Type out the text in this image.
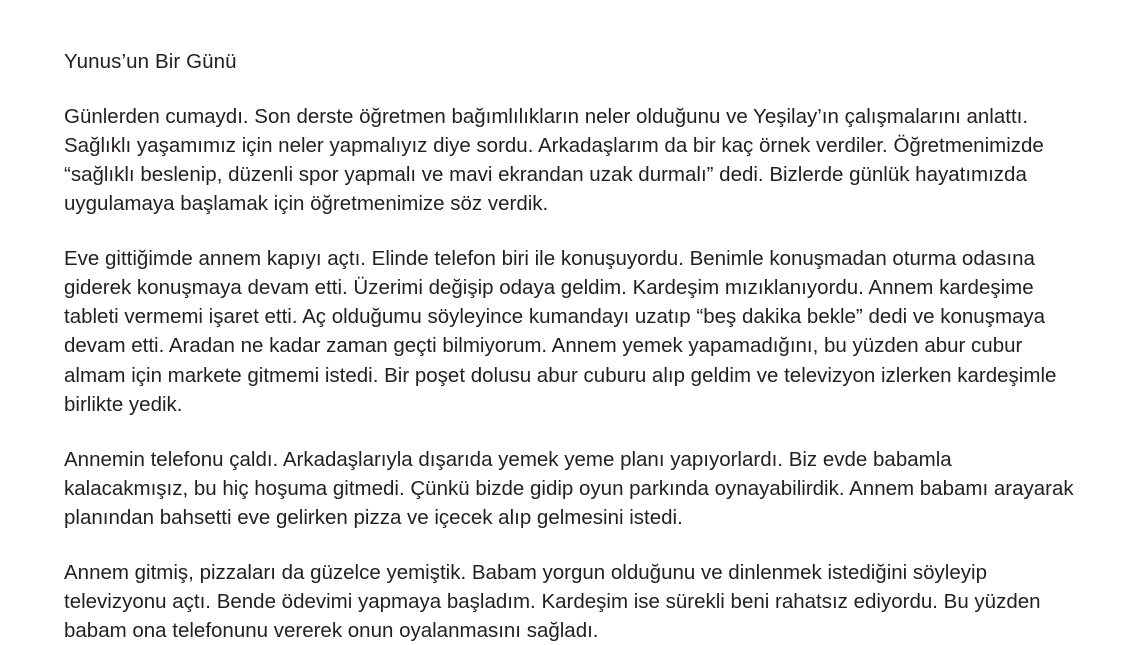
Yunus’un Bir Günü

Günlerden cumaydı. Son derste öğretmen bağımlılıkların neler olduğunu ve Yeşilay’ın çalışmalarını anlattı. Sağlıklı yaşamımız için neler yapmalıyız diye sordu. Arkadaşlarım da bir kaç örnek verdiler. Öğretmenimizde “sağlıklı beslenip, düzenli spor yapmalı ve mavi ekrandan uzak durmalı” dedi. Bizlerde günlük hayatımızda uygulamaya başlamak için öğretmenimize söz verdik.

Eve gittiğimde annem kapıyı açtı. Elinde telefon biri ile konuşuyordu. Benimle konuşmadan oturma odasına giderek konuşmaya devam etti. Üzerimi değişip odaya geldim. Kardeşim mızıklanıyordu. Annem kardeşime tableti vermemi işaret etti. Aç olduğumu söyleyince kumandayı uzatıp “beş dakika bekle” dedi ve konuşmaya devam etti. Aradan ne kadar zaman geçti bilmiyorum. Annem yemek yapamadığını, bu yüzden abur cubur almam için markete gitmemi istedi. Bir poşet dolusu abur cuburu alıp geldim ve televizyon izlerken kardeşimle birlikte yedik.

Annemin telefonu çaldı. Arkadaşlarıyla dışarıda yemek yeme planı yapıyorlardı. Biz evde babamla kalacakmışız, bu hiç hoşuma gitmedi. Çünkü bizde gidip oyun parkında oynayabilirdik. Annem babamı arayarak planından bahsetti eve gelirken pizza ve içecek alıp gelmesini istedi.

Annem gitmiş, pizzaları da güzelce yemiştik. Babam yorgun olduğunu ve dinlenmek istediğini söyleyip televizyonu açtı. Bende ödevimi yapmaya başladım. Kardeşim ise sürekli beni rahatsız ediyordu. Bu yüzden babam ona telefonunu vererek onun oyalanmasını sağladı.
